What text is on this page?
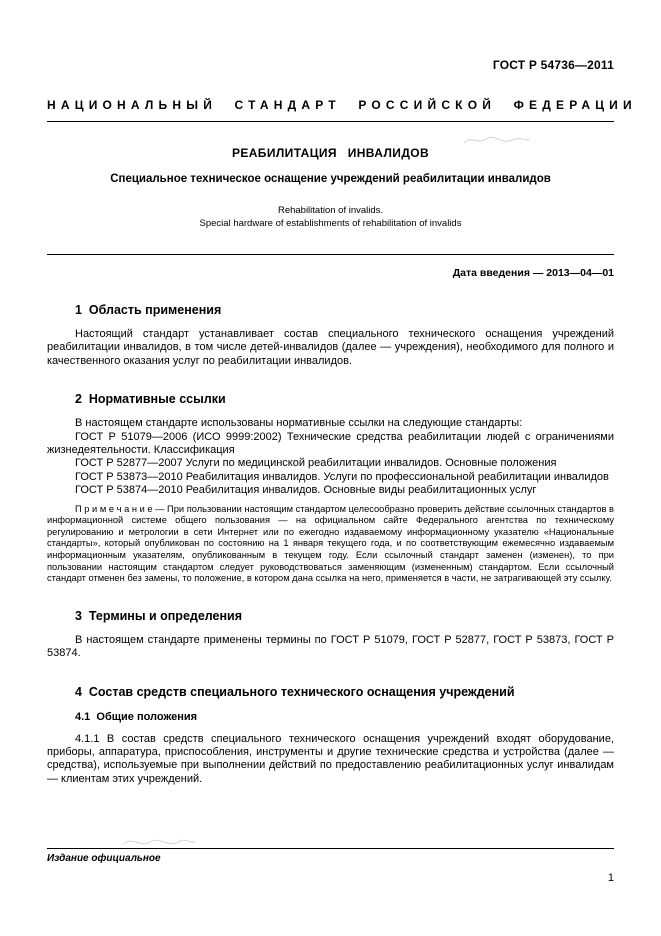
ГОСТ Р 54736—2011
НАЦИОНАЛЬНЫЙ СТАНДАРТ РОССИЙСКОЙ ФЕДЕРАЦИИ
РЕАБИЛИТАЦИЯ ИНВАЛИДОВ
Специальное техническое оснащение учреждений реабилитации инвалидов
Rehabilitation of invalids.
Special hardware of establishments of rehabilitation of invalids
Дата введения — 2013—04—01
1  Область применения

Настоящий стандарт устанавливает состав специального технического оснащения учреждений реабилитации инвалидов, в том числе детей-инвалидов (далее — учреждения), необходимого для полного и качественного оказания услуг по реабилитации инвалидов.

2  Нормативные ссылки

В настоящем стандарте использованы нормативные ссылки на следующие стандарты:

ГОСТ Р 51079—2006 (ИСО 9999:2002) Технические средства реабилитации людей с ограничениями жизнедеятельности. Классификация

ГОСТ Р 52877—2007 Услуги по медицинской реабилитации инвалидов. Основные положения

ГОСТ Р 53873—2010 Реабилитация инвалидов. Услуги по профессиональной реабилитации инвалидов

ГОСТ Р 53874—2010 Реабилитация инвалидов. Основные виды реабилитационных услуг

П р и м е ч а н и е — При пользовании настоящим стандартом целесообразно проверить действие ссылочных стандартов в информационной системе общего пользования — на официальном сайте Федерального агентства по техническому регулированию и метрологии в сети Интернет или по ежегодно издаваемому информационному указателю «Национальные стандарты», который опубликован по состоянию на 1 января текущего года, и по соответствующим ежемесячно издаваемым информационным указателям, опубликованным в текущем году. Если ссылочный стандарт заменен (изменен), то при пользовании настоящим стандартом следует руководствоваться заменяющим (измененным) стандартом. Если ссылочный стандарт отменен без замены, то положение, в котором дана ссылка на него, применяется в части, не затрагивающей эту ссылку.

3  Термины и определения

В настоящем стандарте применены термины по ГОСТ Р 51079, ГОСТ Р 52877, ГОСТ Р 53873, ГОСТ Р 53874.

4  Состав средств специального технического оснащения учреждений
4.1  Общие положения

4.1.1 В состав средств специального технического оснащения учреждений входят оборудование, приборы, аппаратура, приспособления, инструменты и другие технические средства и устройства (далее — средства), используемые при выполнении действий по предоставлению реабилитационных услуг инвалидам — клиентам этих учреждений.

Издание официальное
1
